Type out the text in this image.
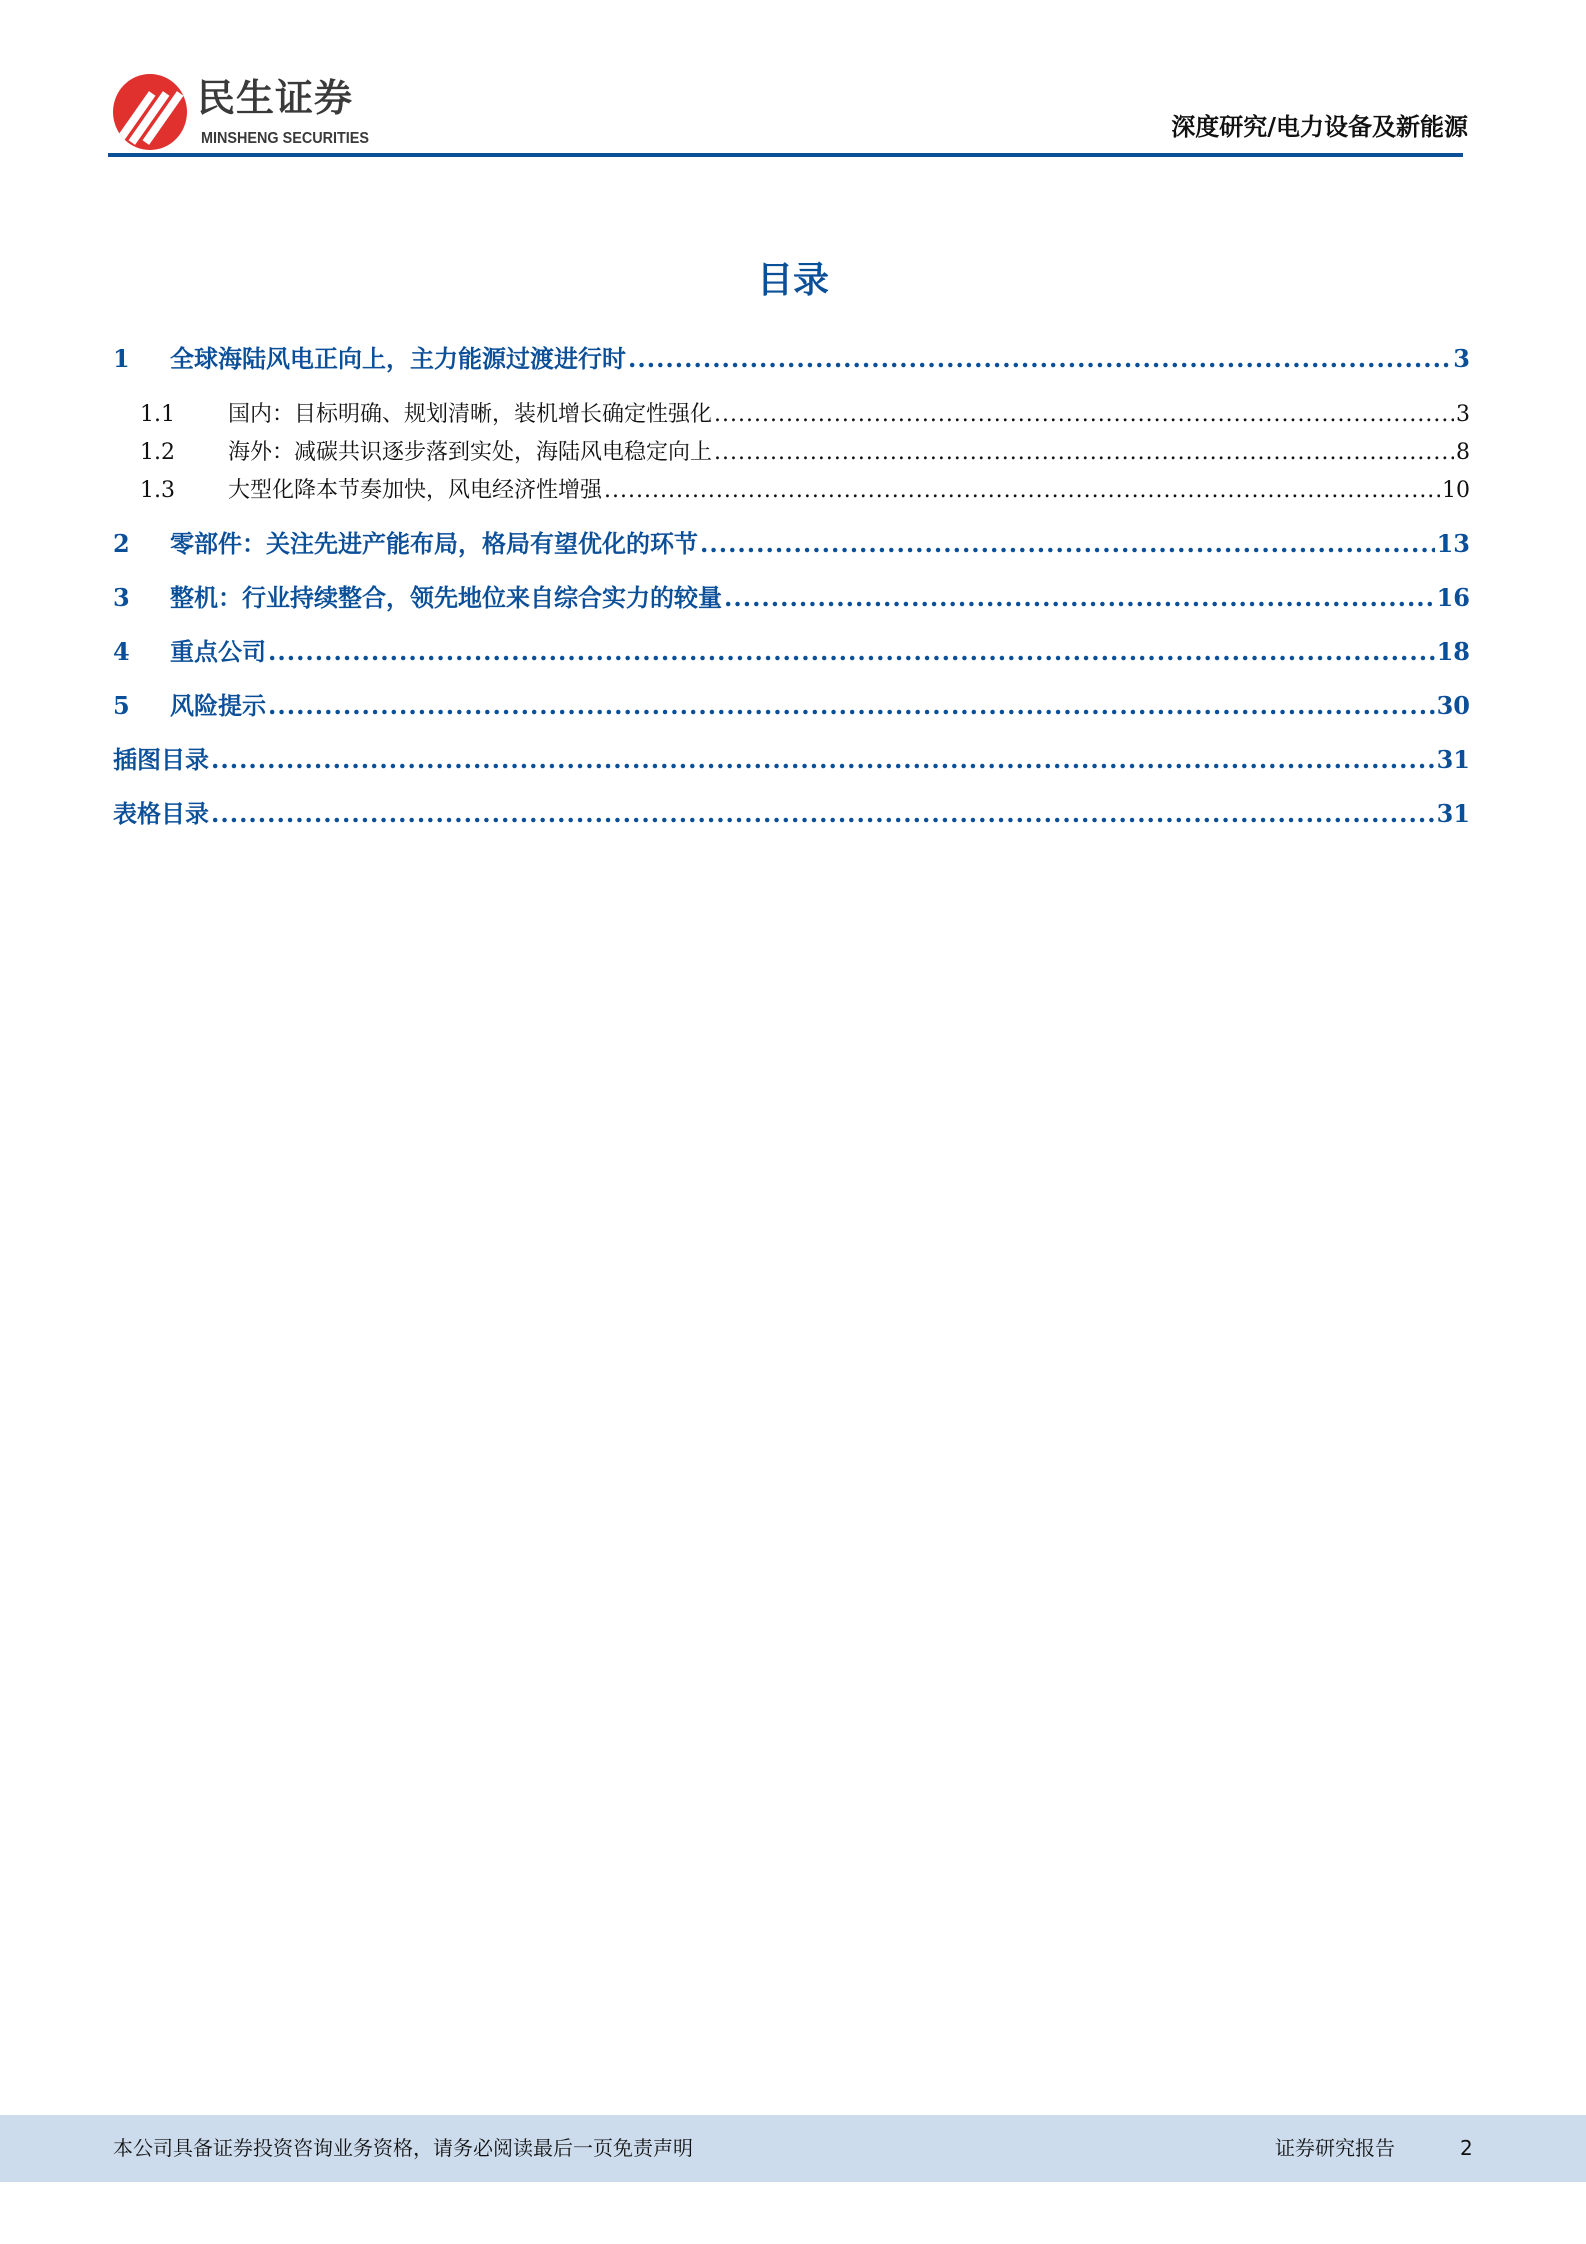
民生证券
MINSHENG SECURITIES	深度研究/电力设备及新能源
目录
1	全球海陆风电正向上，主力能源过渡进行时 .....	3
1.1	国内：目标明确、规划清晰，装机增长确定性强化 .....	3
1.2	海外：减碳共识逐步落到实处，海陆风电稳定向上 .....	8
1.3	大型化降本节奏加快，风电经济性增强 .....	10
2	零部件：关注先进产能布局，格局有望优化的环节 .....	13
3	整机：行业持续整合，领先地位来自综合实力的较量 .....	16
4	重点公司 .....	18
5	风险提示 .....	30
插图目录 .....	31
表格目录 .....	31
本公司具备证券投资咨询业务资格，请务必阅读最后一页免责声明	证券研究报告	2
